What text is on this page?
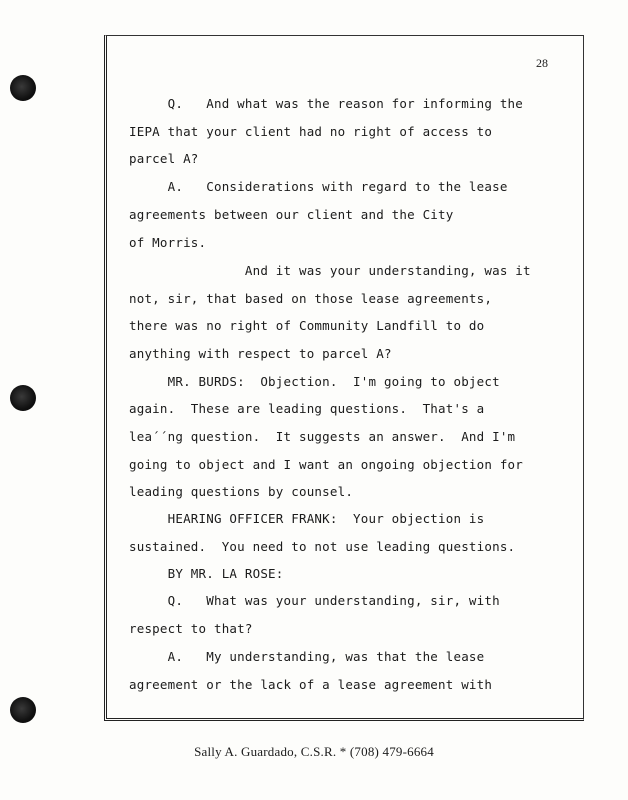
28
Q.   And what was the reason for informing the
IEPA that your client had no right of access to
parcel A?
A.   Considerations with regard to the lease
agreements between our client and the City
of Morris.
And it was your understanding, was it
not, sir, that based on those lease agreements,
there was no right of Community Landfill to do
anything with respect to parcel A?
MR. BURDS:  Objection.  I'm going to object
again.  These are leading questions.  That's a
lea´´ng question.  It suggests an answer.  And I'm
going to object and I want an ongoing objection for
leading questions by counsel.
HEARING OFFICER FRANK:  Your objection is
sustained.  You need to not use leading questions.
BY MR. LA ROSE:
Q.   What was your understanding, sir, with
respect to that?
A.   My understanding, was that the lease
agreement or the lack of a lease agreement with
Sally A. Guardado, C.S.R. * (708) 479-6664
